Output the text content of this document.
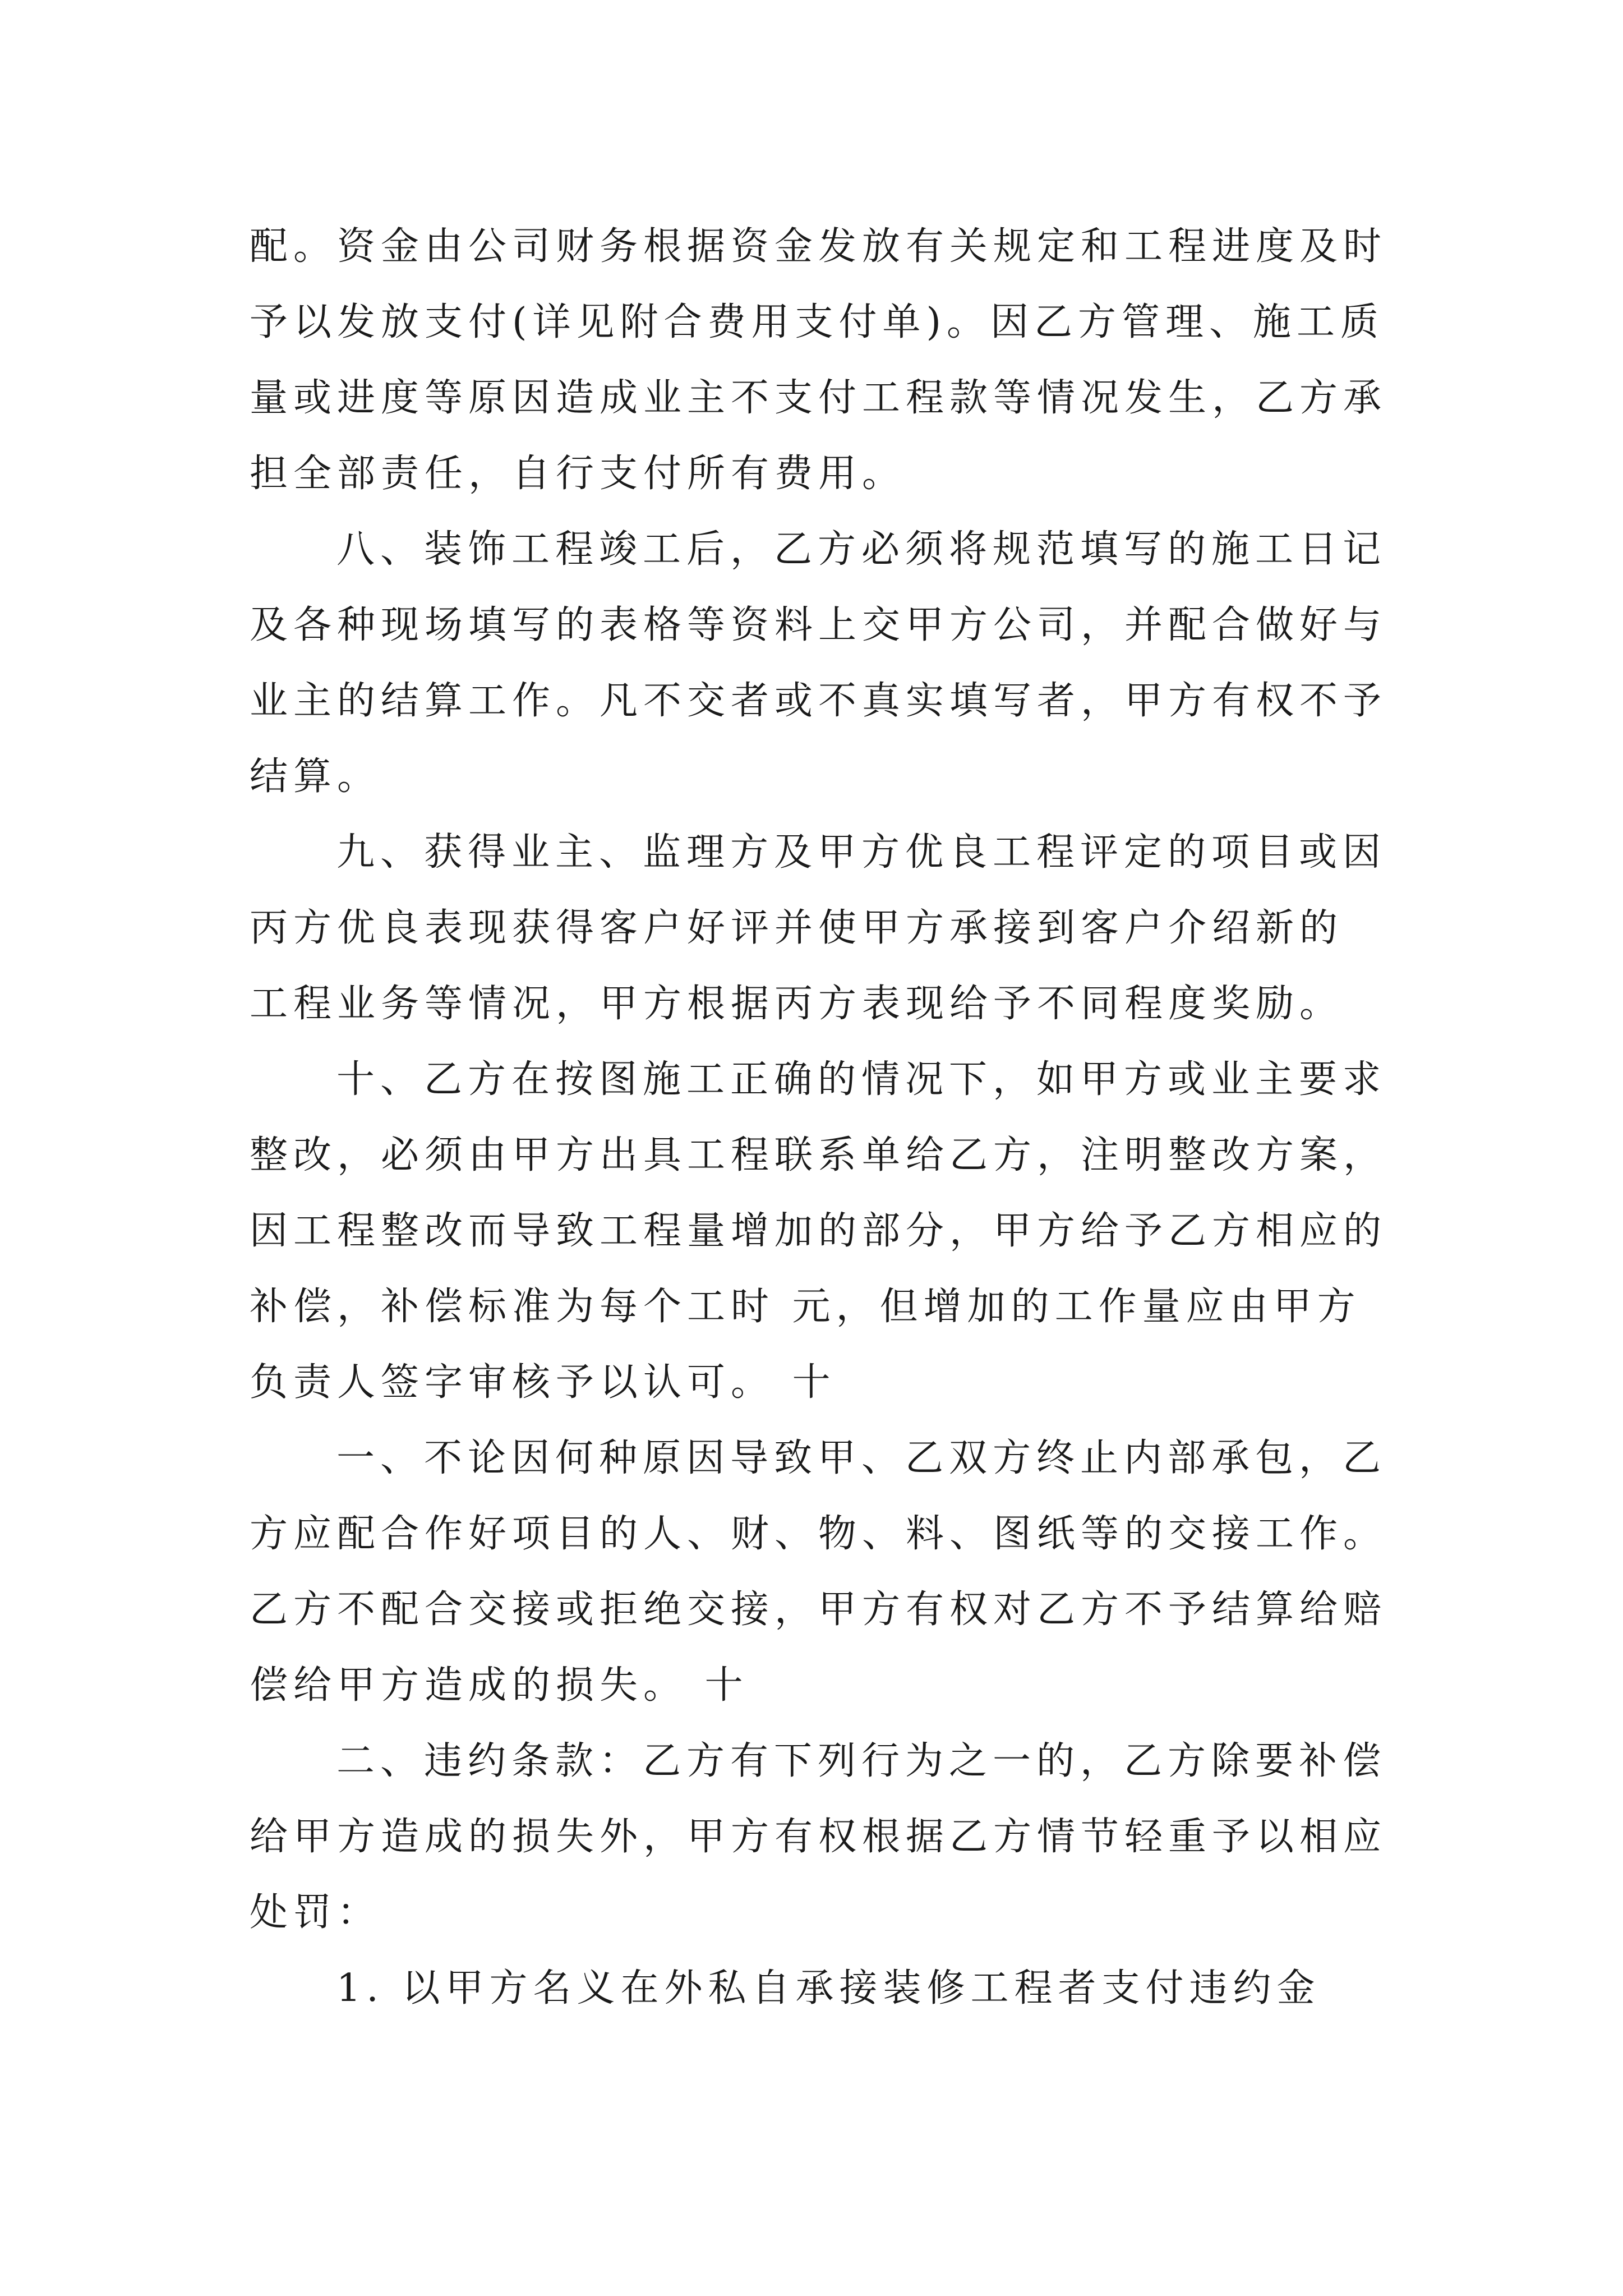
配。资金由公司财务根据资金发放有关规定和工程进度及时
予以发放支付(详见附合费用支付单)。因乙方管理、施工质
量或进度等原因造成业主不支付工程款等情况发生，乙方承
担全部责任，自行支付所有费用。
八、装饰工程竣工后，乙方必须将规范填写的施工日记
及各种现场填写的表格等资料上交甲方公司，并配合做好与
业主的结算工作。凡不交者或不真实填写者，甲方有权不予
结算。
九、获得业主、监理方及甲方优良工程评定的项目或因
丙方优良表现获得客户好评并使甲方承接到客户介绍新的
工程业务等情况，甲方根据丙方表现给予不同程度奖励。
十、乙方在按图施工正确的情况下，如甲方或业主要求
整改，必须由甲方出具工程联系单给乙方，注明整改方案，
因工程整改而导致工程量增加的部分，甲方给予乙方相应的
补偿，补偿标准为每个工时 元，但增加的工作量应由甲方
负责人签字审核予以认可。 十
一、不论因何种原因导致甲、乙双方终止内部承包，乙
方应配合作好项目的人、财、物、料、图纸等的交接工作。
乙方不配合交接或拒绝交接，甲方有权对乙方不予结算给赔
偿给甲方造成的损失。 十
二、违约条款：乙方有下列行为之一的，乙方除要补偿
给甲方造成的损失外，甲方有权根据乙方情节轻重予以相应
处罚：
1. 以甲方名义在外私自承接装修工程者支付违约金
